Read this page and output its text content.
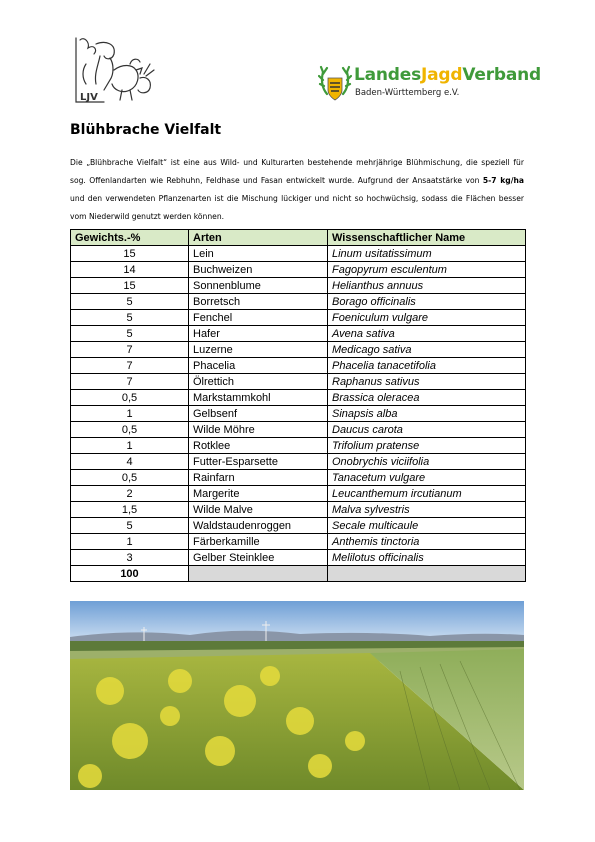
LJV
LandesJagdVerband
Baden-Württemberg e.V.
Blühbrache Vielfalt

Die „Blühbrache Vielfalt“ ist eine aus Wild- und Kulturarten bestehende mehrjährige Blühmischung, die speziell für sog. Offenlandarten wie Rebhuhn, Feldhase und Fasan entwickelt wurde. Aufgrund der Ansaatstärke von 5-7 kg/ha und den verwendeten Pflanzenarten ist die Mischung lückiger und nicht so hochwüchsig, sodass die Flächen besser vom Niederwild genutzt werden können.

Gewichts.-%	Arten	Wissenschaftlicher Name
15	Lein	Linum usitatissimum
14	Buchweizen	Fagopyrum esculentum
15	Sonnenblume	Helianthus annuus
5	Borretsch	Borago officinalis
5	Fenchel	Foeniculum vulgare
5	Hafer	Avena sativa
7	Luzerne	Medicago sativa
7	Phacelia	Phacelia tanacetifolia
7	Ölrettich	Raphanus sativus
0,5	Markstammkohl	Brassica oleracea
1	Gelbsenf	Sinapsis alba
0,5	Wilde Möhre	Daucus carota
1	Rotklee	Trifolium pratense
4	Futter-Esparsette	Onobrychis viciifolia
0,5	Rainfarn	Tanacetum vulgare
2	Margerite	Leucanthemum ircutianum
1,5	Wilde Malve	Malva sylvestris
5	Waldstaudenroggen	Secale multicaule
1	Färberkamille	Anthemis tinctoria
3	Gelber Steinklee	Melilotus officinalis
100		
